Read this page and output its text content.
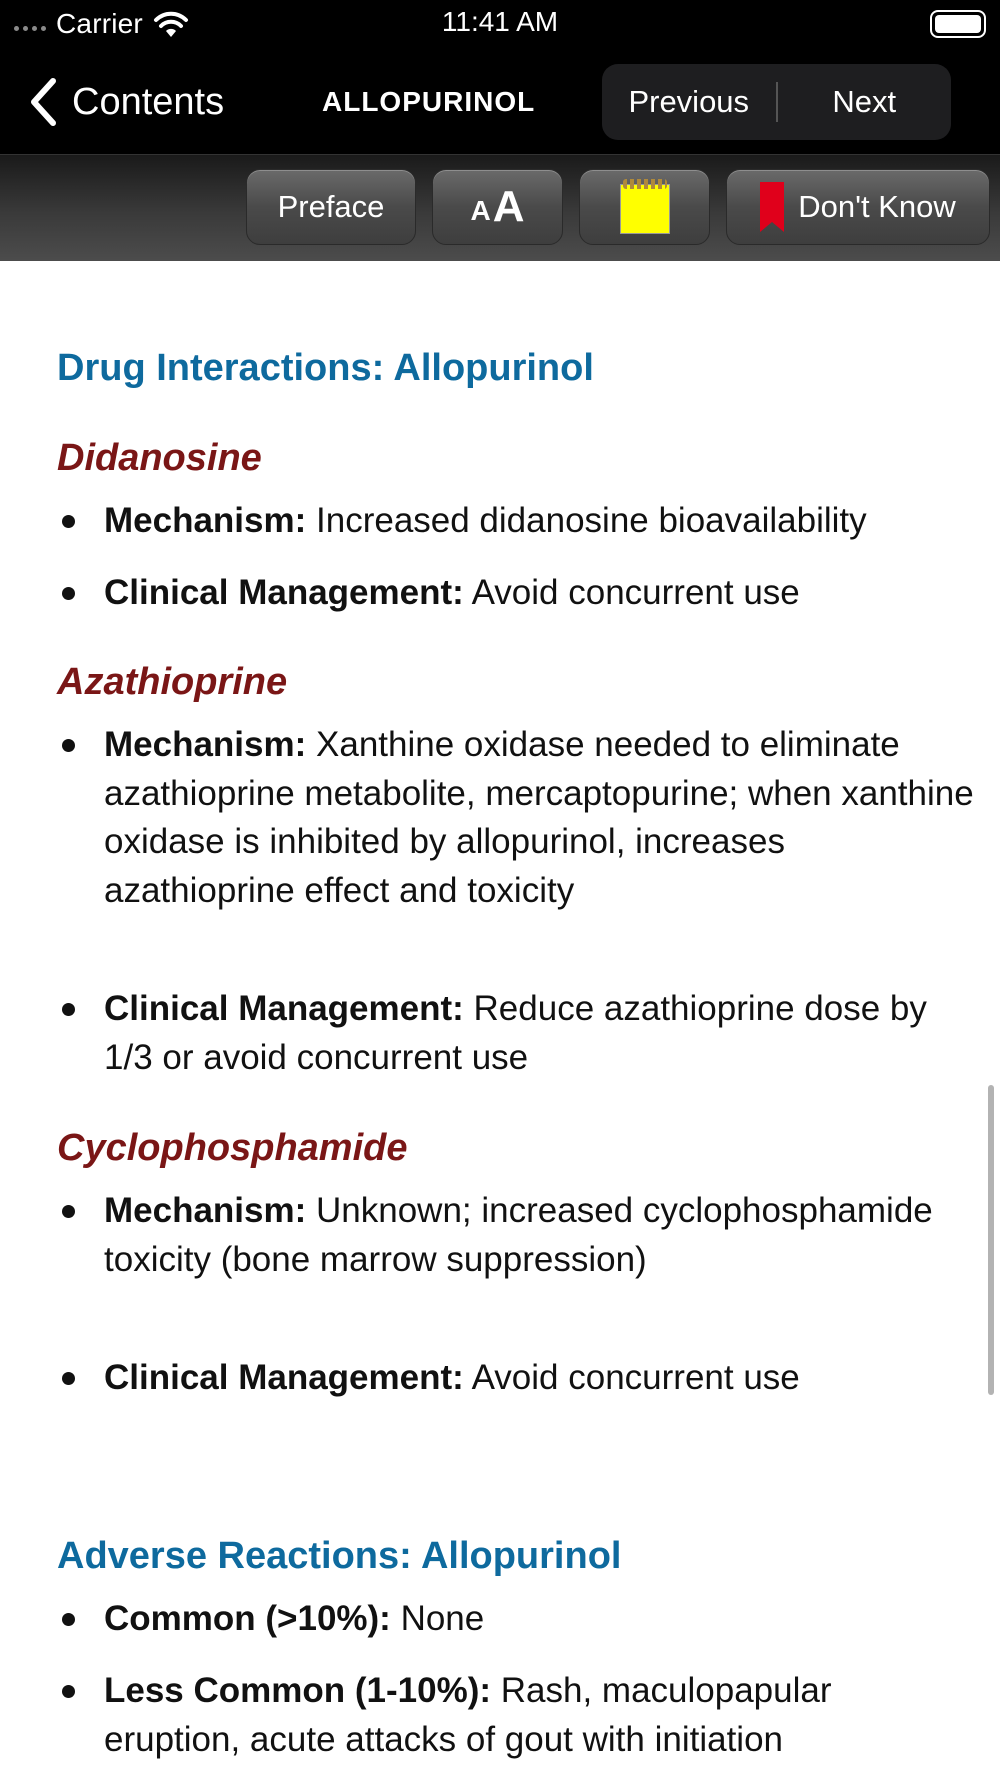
Carrier	11:41 AM
Contents	ALLOPURINOL	Previous	Next
Preface	A A	Don't Know
Drug Interactions: Allopurinol
Didanosine
Mechanism: Increased didanosine bioavailability
Clinical Management: Avoid concurrent use
Azathioprine
Mechanism: Xanthine oxidase needed to eliminate azathioprine metabolite, mercaptopurine; when xanthine oxidase is inhibited by allopurinol, increases azathioprine effect and toxicity
Clinical Management: Reduce azathioprine dose by 1/3 or avoid concurrent use
Cyclophosphamide
Mechanism: Unknown; increased cyclophosphamide toxicity (bone marrow suppression)
Clinical Management: Avoid concurrent use
Adverse Reactions: Allopurinol
Common (>10%): None
Less Common (1-10%): Rash, maculopapular eruption, acute attacks of gout with initiation
